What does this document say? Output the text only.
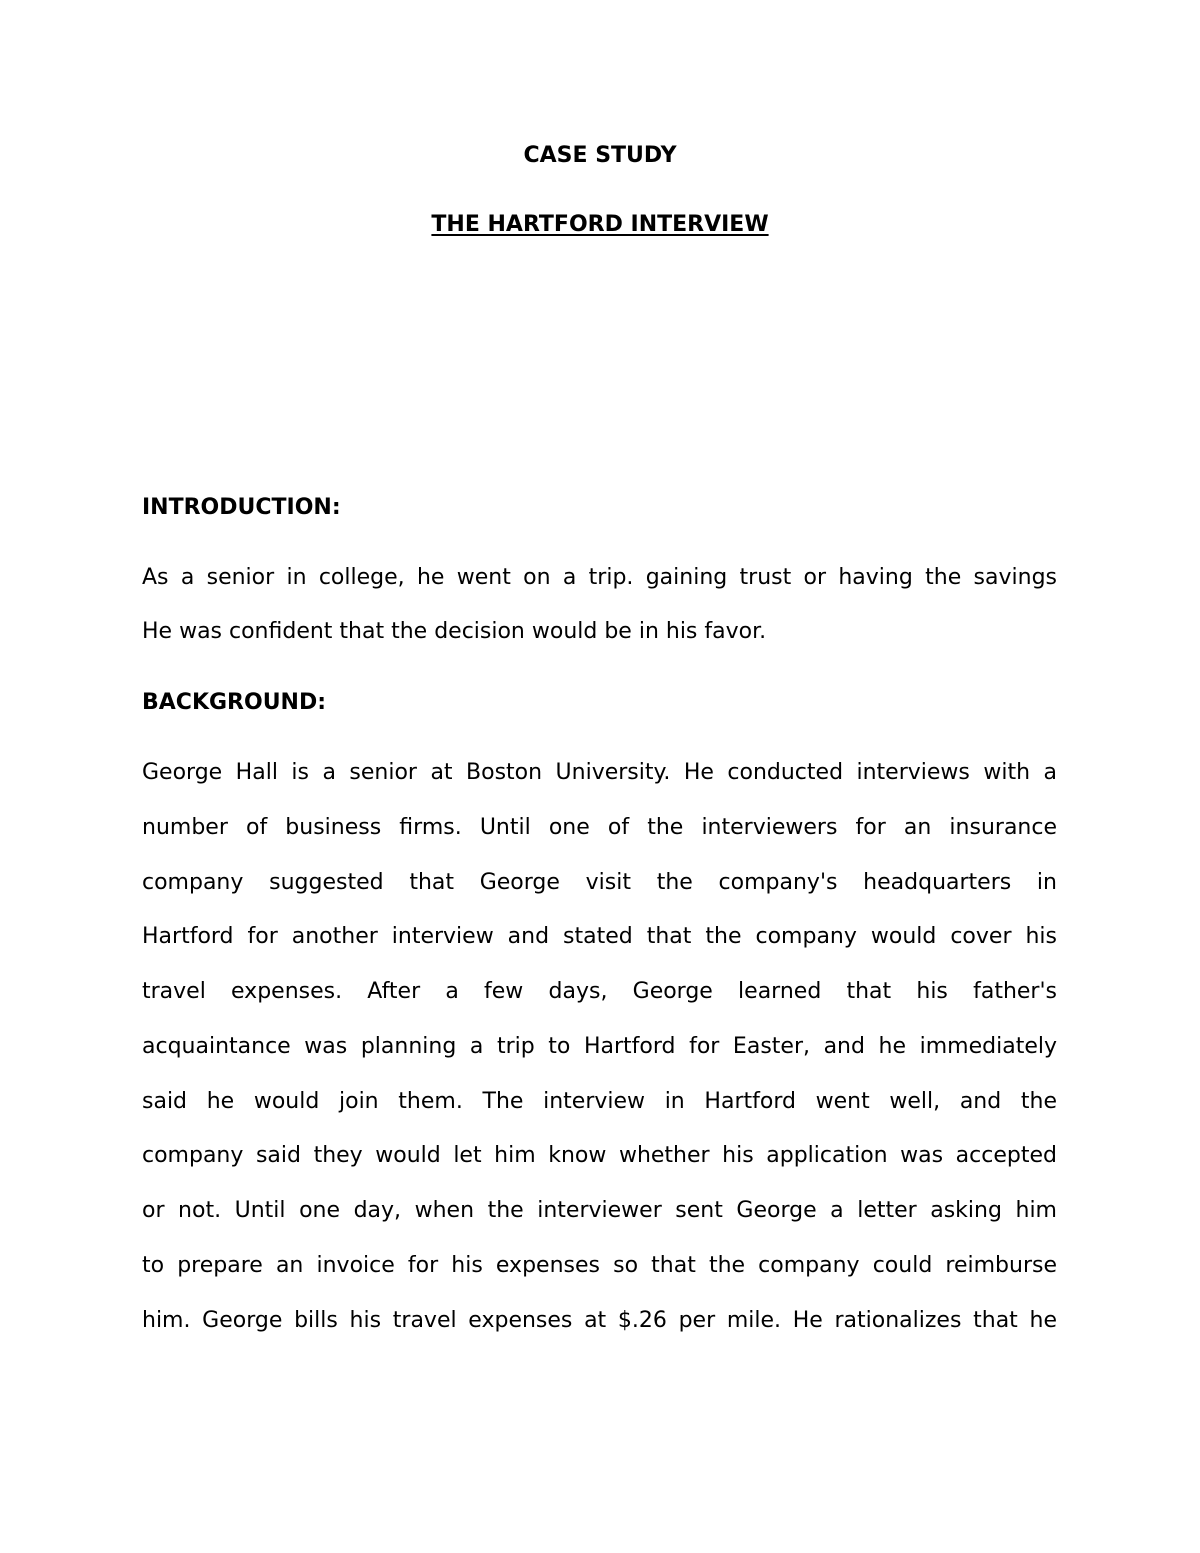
CASE STUDY
THE HARTFORD INTERVIEW
INTRODUCTION:
As a senior in college, he went on a trip. gaining trust or having the savings
He was confident that the decision would be in his favor.
BACKGROUND:
George Hall is a senior at Boston University. He conducted interviews with a
number of business firms. Until one of the interviewers for an insurance
company suggested that George visit the company's headquarters in
Hartford for another interview and stated that the company would cover his
travel expenses. After a few days, George learned that his father's
acquaintance was planning a trip to Hartford for Easter, and he immediately
said he would join them. The interview in Hartford went well, and the
company said they would let him know whether his application was accepted
or not. Until one day, when the interviewer sent George a letter asking him
to prepare an invoice for his expenses so that the company could reimburse
him. George bills his travel expenses at $.26 per mile. He rationalizes that he
